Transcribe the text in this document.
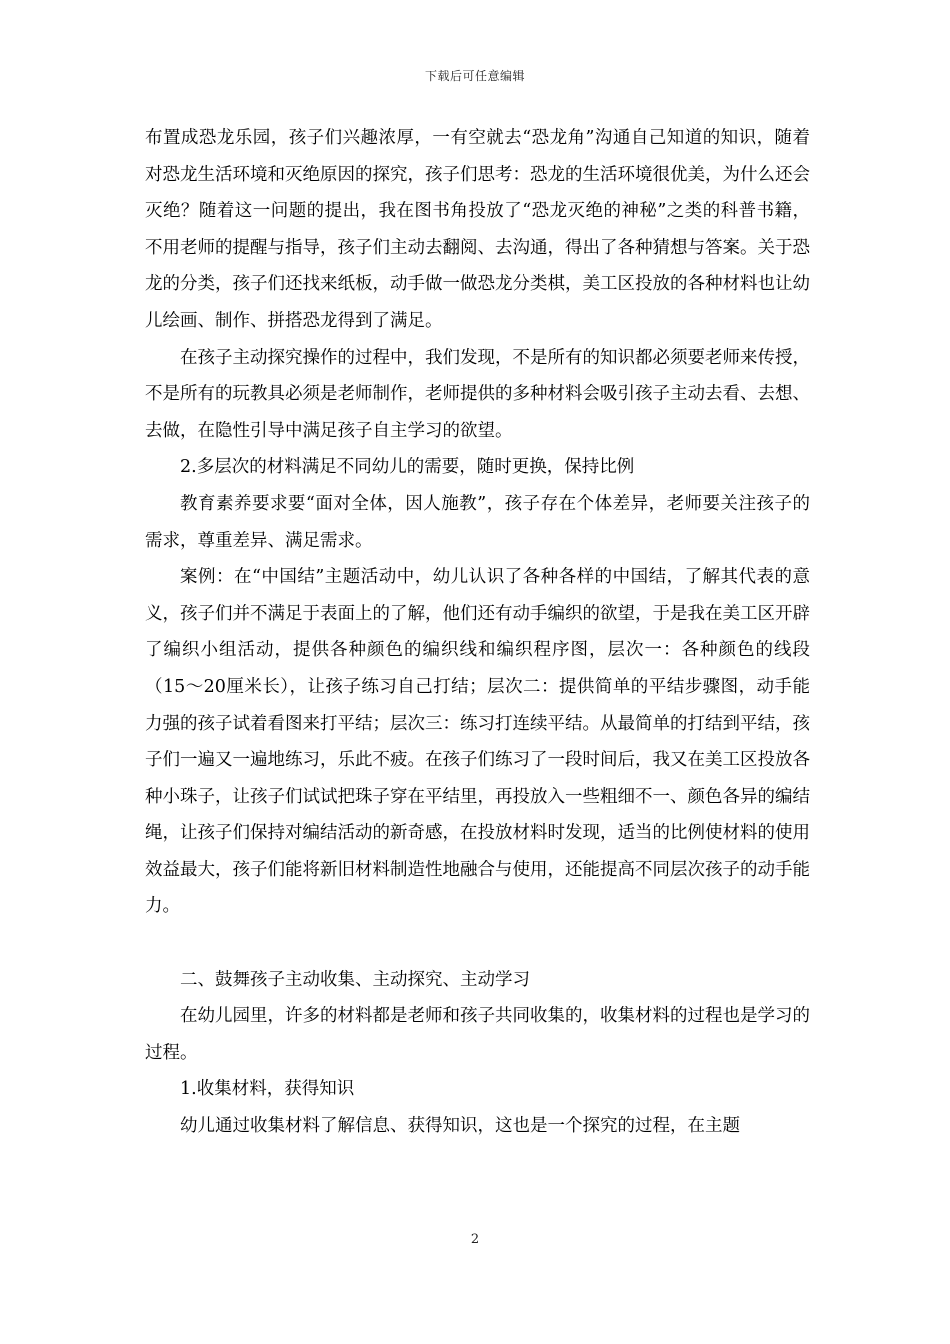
下载后可任意编辑

布置成恐龙乐园，孩子们兴趣浓厚，一有空就去“恐龙角”沟通自己知道的知识，随着对恐龙生活环境和灭绝原因的探究，孩子们思考：恐龙的生活环境很优美，为什么还会灭绝？随着这一问题的提出，我在图书角投放了“恐龙灭绝的神秘”之类的科普书籍，不用老师的提醒与指导，孩子们主动去翻阅、去沟通，得出了各种猜想与答案。关于恐龙的分类，孩子们还找来纸板，动手做一做恐龙分类棋，美工区投放的各种材料也让幼儿绘画、制作、拼搭恐龙得到了满足。

在孩子主动探究操作的过程中，我们发现，不是所有的知识都必须要老师来传授，不是所有的玩教具必须是老师制作，老师提供的多种材料会吸引孩子主动去看、去想、去做，在隐性引导中满足孩子自主学习的欲望。

2.多层次的材料满足不同幼儿的需要，随时更换，保持比例

教育素养要求要“面对全体，因人施教”，孩子存在个体差异，老师要关注孩子的需求，尊重差异、满足需求。

案例：在“中国结”主题活动中，幼儿认识了各种各样的中国结，了解其代表的意义，孩子们并不满足于表面上的了解，他们还有动手编织的欲望，于是我在美工区开辟了编织小组活动，提供各种颜色的编织线和编织程序图，层次一：各种颜色的线段（15～20厘米长），让孩子练习自己打结；层次二：提供简单的平结步骤图，动手能力强的孩子试着看图来打平结；层次三：练习打连续平结。从最简单的打结到平结，孩子们一遍又一遍地练习，乐此不疲。在孩子们练习了一段时间后，我又在美工区投放各种小珠子，让孩子们试试把珠子穿在平结里，再投放入一些粗细不一、颜色各异的编结绳，让孩子们保持对编结活动的新奇感，在投放材料时发现，适当的比例使材料的使用效益最大，孩子们能将新旧材料制造性地融合与使用，还能提高不同层次孩子的动手能力。

二、鼓舞孩子主动收集、主动探究、主动学习

在幼儿园里，许多的材料都是老师和孩子共同收集的，收集材料的过程也是学习的过程。

1.收集材料，获得知识

幼儿通过收集材料了解信息、获得知识，这也是一个探究的过程，在主题

2
